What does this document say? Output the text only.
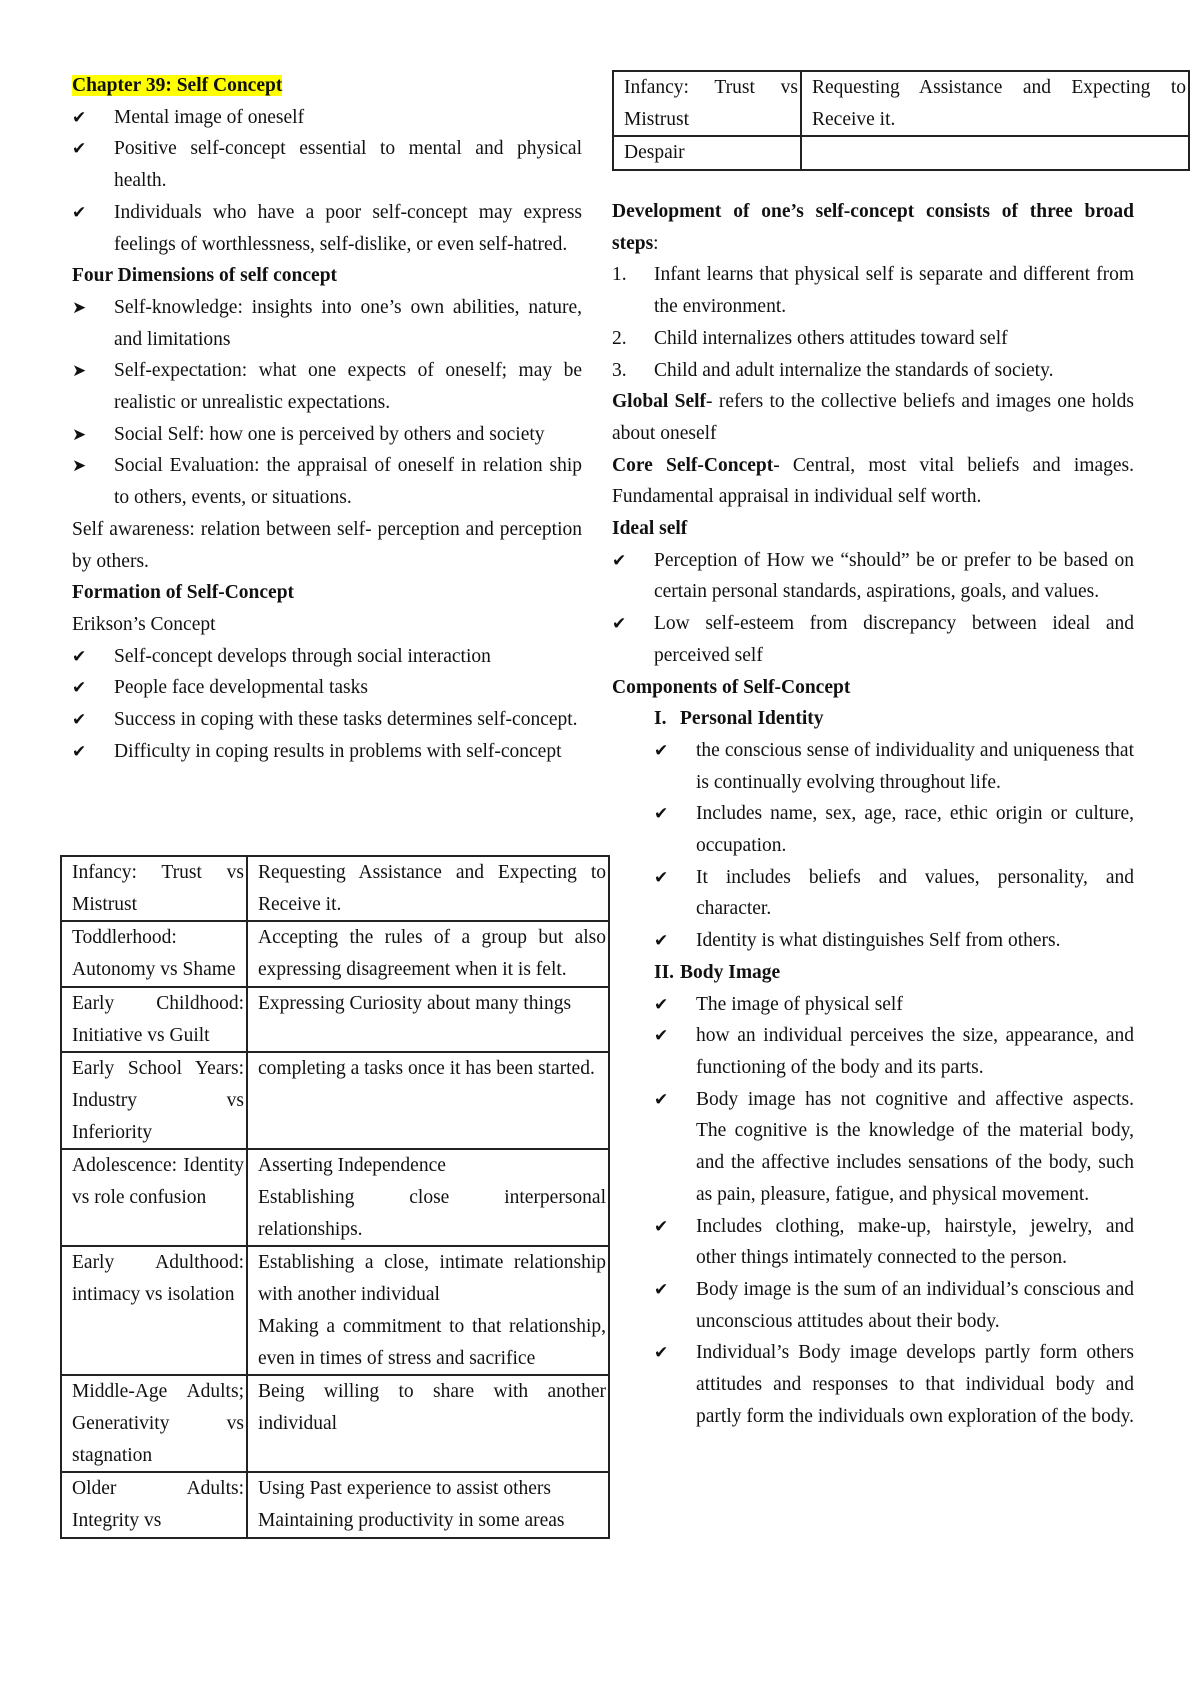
Chapter 39: Self Concept

✔	Mental image of oneself
✔	Positive self-concept essential to mental and physical health.
✔	Individuals who have a poor self-concept may express feelings of worthlessness, self-dislike, or even self-hatred.

Four Dimensions of self concept

➤	Self-knowledge: insights into one’s own abilities, nature, and limitations
➤	Self-expectation: what one expects of oneself; may be realistic or unrealistic expectations.
➤	Social Self: how one is perceived by others and society
➤	Social Evaluation: the appraisal of oneself in relation ship to others, events, or situations.

Self awareness: relation between self- perception and perception by others.

Formation of Self-Concept

Erikson’s Concept

✔	Self-concept develops through social interaction
✔	People face developmental tasks
✔	Success in coping with these tasks determines self-concept.
✔	Difficulty in coping results in problems with self-concept
Infancy: Trust vs Mistrust	Requesting Assistance and Expecting to Receive it.

Toddlerhood: Autonomy vs Shame	Accepting the rules of a group but also expressing disagreement when it is felt.

Early Childhood: Initiative vs Guilt	Expressing Curiosity about many things

Early School Years: Industry vs Inferiority	completing a tasks once it has been started.

Adolescence: Identity vs role confusion	Asserting Independence
Establishing close interpersonal relationships.

Early Adulthood: intimacy vs isolation	Establishing a close, intimate relationship with another individual
Making a commitment to that relationship, even in times of stress and sacrifice

Middle-Age Adults; Generativity vs stagnation	Being willing to share with another individual

Older Adults: Integrity vs	Using Past experience to assist others
Maintaining productivity in some areas
Infancy: Trust vs Mistrust	Requesting Assistance and Expecting to Receive it.
Despair	

Development of one’s self-concept consists of three broad steps:

1.	Infant learns that physical self is separate and different from the environment.
2.	Child internalizes others attitudes toward self
3.	Child and adult internalize the standards of society.

Global Self- refers to the collective beliefs and images one holds about oneself

Core Self-Concept- Central, most vital beliefs and images. Fundamental appraisal in individual self worth.

Ideal self

✔	Perception of How we “should” be or prefer to be based on certain personal standards, aspirations, goals, and values.
✔	Low self-esteem from discrepancy between ideal and perceived self

Components of Self-Concept

I. Personal Identity

✔	the conscious sense of individuality and uniqueness that is continually evolving throughout life.
✔	Includes name, sex, age, race, ethic origin or culture, occupation.
✔	It includes beliefs and values, personality, and character.
✔	Identity is what distinguishes Self from others.

II. Body Image

✔	The image of physical self
✔	how an individual perceives the size, appearance, and functioning of the body and its parts.
✔	Body image has not cognitive and affective aspects. The cognitive is the knowledge of the material body, and the affective includes sensations of the body, such as pain, pleasure, fatigue, and physical movement.
✔	Includes clothing, make-up, hairstyle, jewelry, and other things intimately connected to the person.
✔	Body image is the sum of an individual’s conscious and unconscious attitudes about their body.
✔	Individual’s Body image develops partly form others attitudes and responses to that individual body and partly form the individuals own exploration of the body.
